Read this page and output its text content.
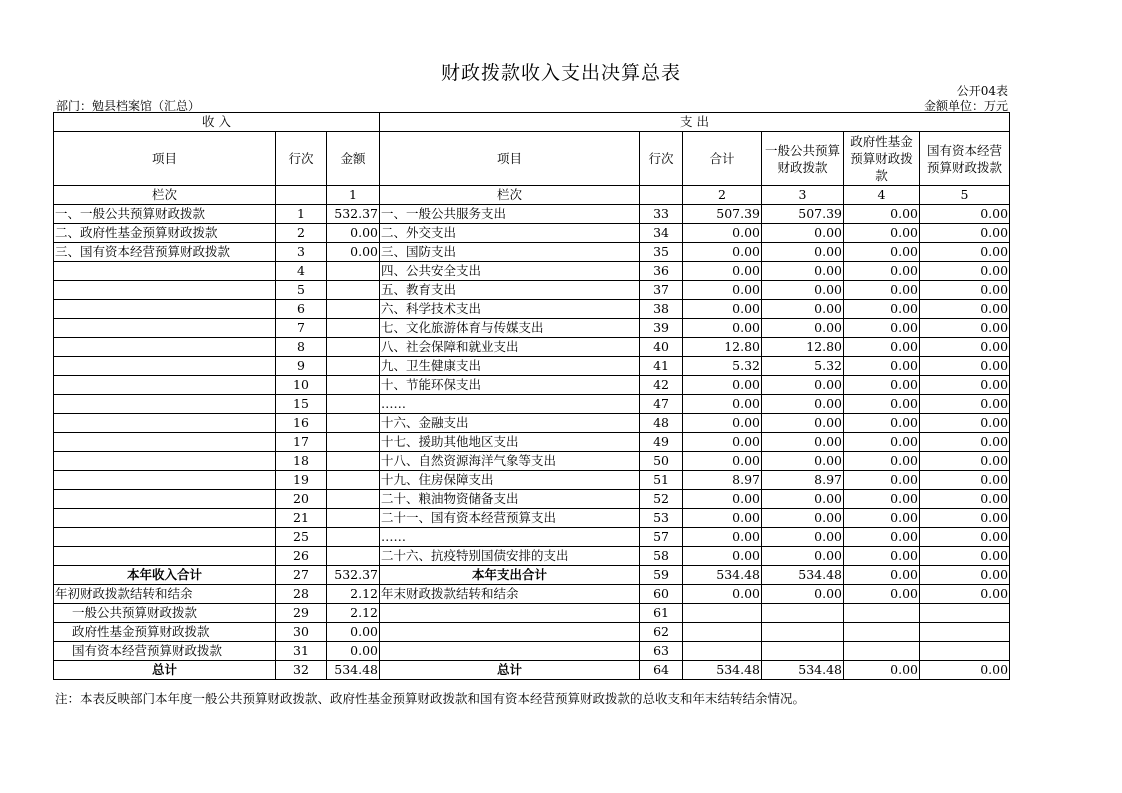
财政拨款收入支出决算总表
公开04表
部门：勉县档案馆（汇总）	金额单位：万元
收 入			支 出					
项目	行次	金额	项目	行次	合计	一般公共预算财政拨款	政府性基金预算财政拨款	国有资本经营预算财政拨款
栏次		1	栏次		2	3	4	5
一、一般公共预算财政拨款	1	532.37	一、一般公共服务支出	33	507.39	507.39	0.00	0.00
二、政府性基金预算财政拨款	2	0.00	二、外交支出	34	0.00	0.00	0.00	0.00
三、国有资本经营预算财政拨款	3	0.00	三、国防支出	35	0.00	0.00	0.00	0.00
	4		四、公共安全支出	36	0.00	0.00	0.00	0.00
	5		五、教育支出	37	0.00	0.00	0.00	0.00
	6		六、科学技术支出	38	0.00	0.00	0.00	0.00
	7		七、文化旅游体育与传媒支出	39	0.00	0.00	0.00	0.00
	8		八、社会保障和就业支出	40	12.80	12.80	0.00	0.00
	9		九、卫生健康支出	41	5.32	5.32	0.00	0.00
	10		十、节能环保支出	42	0.00	0.00	0.00	0.00
	15		……	47	0.00	0.00	0.00	0.00
	16		十六、金融支出	48	0.00	0.00	0.00	0.00
	17		十七、援助其他地区支出	49	0.00	0.00	0.00	0.00
	18		十八、自然资源海洋气象等支出	50	0.00	0.00	0.00	0.00
	19		十九、住房保障支出	51	8.97	8.97	0.00	0.00
	20		二十、粮油物资储备支出	52	0.00	0.00	0.00	0.00
	21		二十一、国有资本经营预算支出	53	0.00	0.00	0.00	0.00
	25		……	57	0.00	0.00	0.00	0.00
	26		二十六、抗疫特别国债安排的支出	58	0.00	0.00	0.00	0.00
本年收入合计	27	532.37	本年支出合计	59	534.48	534.48	0.00	0.00
年初财政拨款结转和结余	28	2.12	年末财政拨款结转和结余	60	0.00	0.00	0.00	0.00
一般公共预算财政拨款	29	2.12		61				
政府性基金预算财政拨款	30	0.00		62				
国有资本经营预算财政拨款	31	0.00		63				
总计	32	534.48	总计	64	534.48	534.48	0.00	0.00
注：本表反映部门本年度一般公共预算财政拨款、政府性基金预算财政拨款和国有资本经营预算财政拨款的总收支和年末结转结余情况。
